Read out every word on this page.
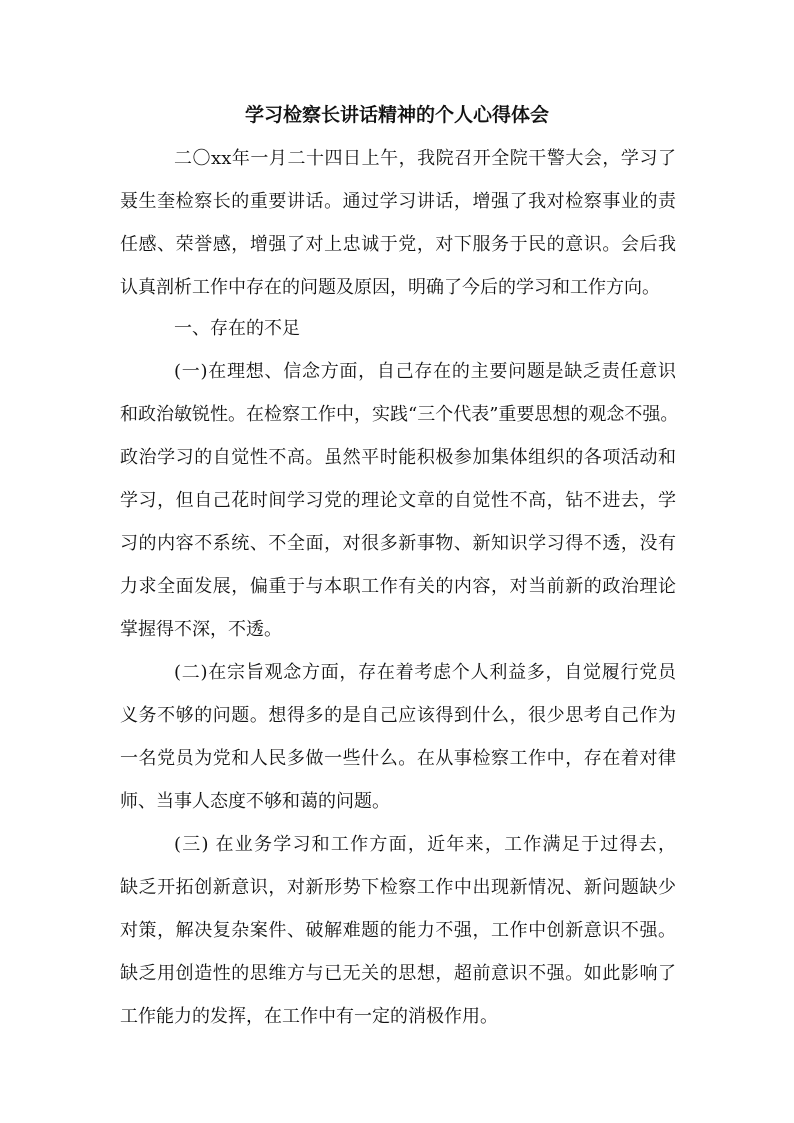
学习检察长讲话精神的个人心得体会

二〇xx年一月二十四日上午，我院召开全院干警大会，学习了

聂生奎检察长的重要讲话。通过学习讲话，增强了我对检察事业的责

任感、荣誉感，增强了对上忠诚于党，对下服务于民的意识。会后我

认真剖析工作中存在的问题及原因，明确了今后的学习和工作方向。

一、存在的不足

(一)在理想、信念方面，自己存在的主要问题是缺乏责任意识

和政治敏锐性。在检察工作中，实践“三个代表”重要思想的观念不强。

政治学习的自觉性不高。虽然平时能积极参加集体组织的各项活动和

学习，但自己花时间学习党的理论文章的自觉性不高，钻不进去，学

习的内容不系统、不全面，对很多新事物、新知识学习得不透，没有

力求全面发展，偏重于与本职工作有关的内容，对当前新的政治理论

掌握得不深，不透。

(二)在宗旨观念方面，存在着考虑个人利益多，自觉履行党员

义务不够的问题。想得多的是自己应该得到什么，很少思考自己作为

一名党员为党和人民多做一些什么。在从事检察工作中，存在着对律

师、当事人态度不够和蔼的问题。

(三) 在业务学习和工作方面，近年来，工作满足于过得去，

缺乏开拓创新意识，对新形势下检察工作中出现新情况、新问题缺少

对策，解决复杂案件、破解难题的能力不强，工作中创新意识不强。

缺乏用创造性的思维方与已无关的思想，超前意识不强。如此影响了

工作能力的发挥，在工作中有一定的消极作用。
